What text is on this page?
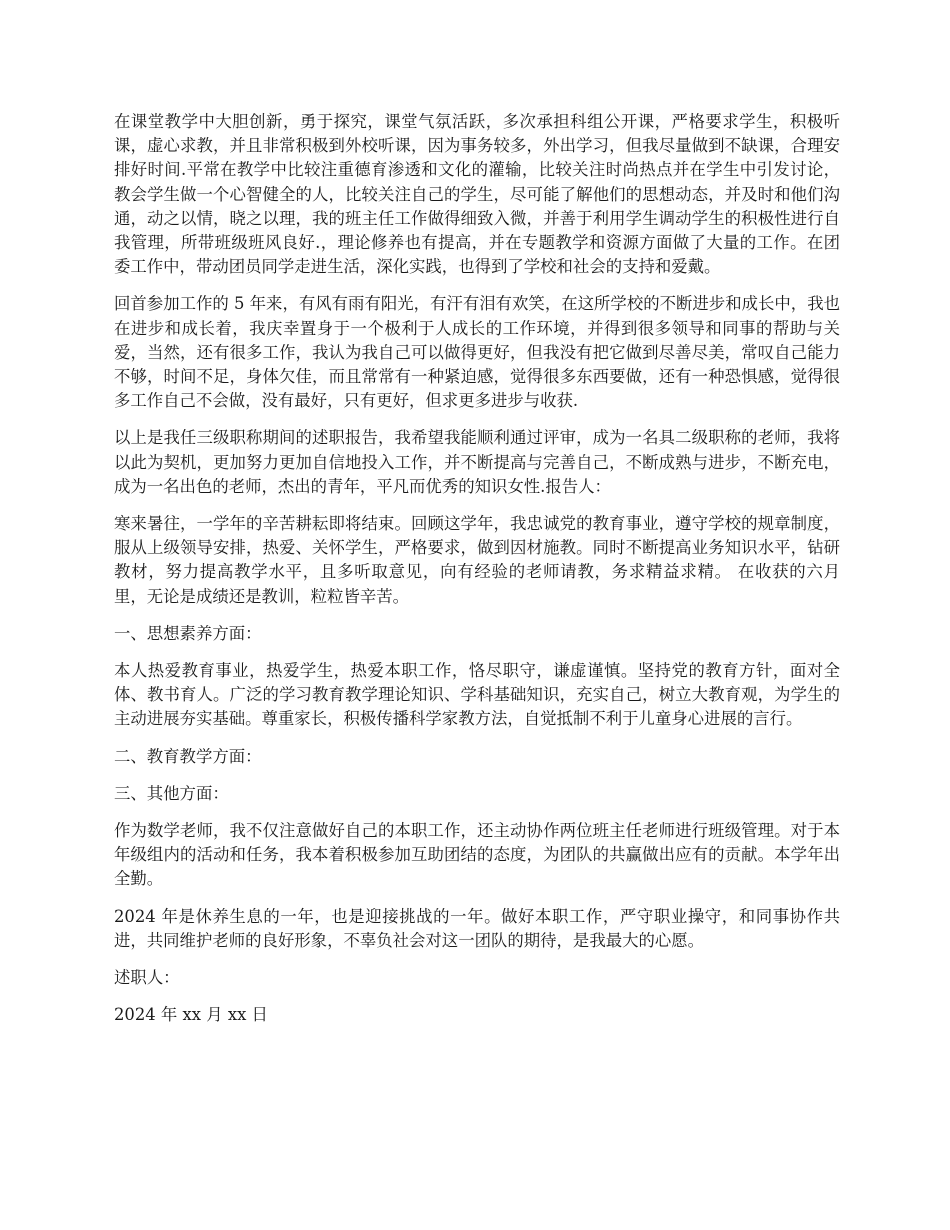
在课堂教学中大胆创新，勇于探究，课堂气氛活跃，多次承担科组公开课，严格要求学生，积极听课，虚心求教，并且非常积极到外校听课，因为事务较多，外出学习，但我尽量做到不缺课，合理安排好时间.平常在教学中比较注重德育渗透和文化的灌输，比较关注时尚热点并在学生中引发讨论，教会学生做一个心智健全的人，比较关注自己的学生，尽可能了解他们的思想动态，并及时和他们沟通，动之以情，晓之以理，我的班主任工作做得细致入微，并善于利用学生调动学生的积极性进行自我管理，所带班级班风良好.，理论修养也有提高，并在专题教学和资源方面做了大量的工作。在团委工作中，带动团员同学走进生活，深化实践，也得到了学校和社会的支持和爱戴。

回首参加工作的 5 年来，有风有雨有阳光，有汗有泪有欢笑，在这所学校的不断进步和成长中，我也在进步和成长着，我庆幸置身于一个极利于人成长的工作环境，并得到很多领导和同事的帮助与关爱，当然，还有很多工作，我认为我自己可以做得更好，但我没有把它做到尽善尽美，常叹自己能力不够，时间不足，身体欠佳，而且常常有一种紧迫感，觉得很多东西要做，还有一种恐惧感，觉得很多工作自己不会做，没有最好，只有更好，但求更多进步与收获.

以上是我任三级职称期间的述职报告，我希望我能顺利通过评审，成为一名具二级职称的老师，我将以此为契机，更加努力更加自信地投入工作，并不断提高与完善自己，不断成熟与进步，不断充电，成为一名出色的老师，杰出的青年，平凡而优秀的知识女性.报告人：

寒来暑往，一学年的辛苦耕耘即将结束。回顾这学年，我忠诚党的教育事业，遵守学校的规章制度，服从上级领导安排，热爱、关怀学生，严格要求，做到因材施教。同时不断提高业务知识水平，钻研教材，努力提高教学水平，且多听取意见，向有经验的老师请教，务求精益求精。 在收获的六月里，无论是成绩还是教训，粒粒皆辛苦。

一、思想素养方面：

本人热爱教育事业，热爱学生，热爱本职工作，恪尽职守，谦虚谨慎。坚持党的教育方针，面对全体、教书育人。广泛的学习教育教学理论知识、学科基础知识，充实自己，树立大教育观，为学生的主动进展夯实基础。尊重家长，积极传播科学家教方法，自觉抵制不利于儿童身心进展的言行。

二、教育教学方面：

三、其他方面：

作为数学老师，我不仅注意做好自己的本职工作，还主动协作两位班主任老师进行班级管理。对于本年级组内的活动和任务，我本着积极参加互助团结的态度，为团队的共赢做出应有的贡献。本学年出全勤。

2024 年是休养生息的一年，也是迎接挑战的一年。做好本职工作，严守职业操守，和同事协作共进，共同维护老师的良好形象，不辜负社会对这一团队的期待，是我最大的心愿。

述职人：

2024 年 xx 月 xx 日
